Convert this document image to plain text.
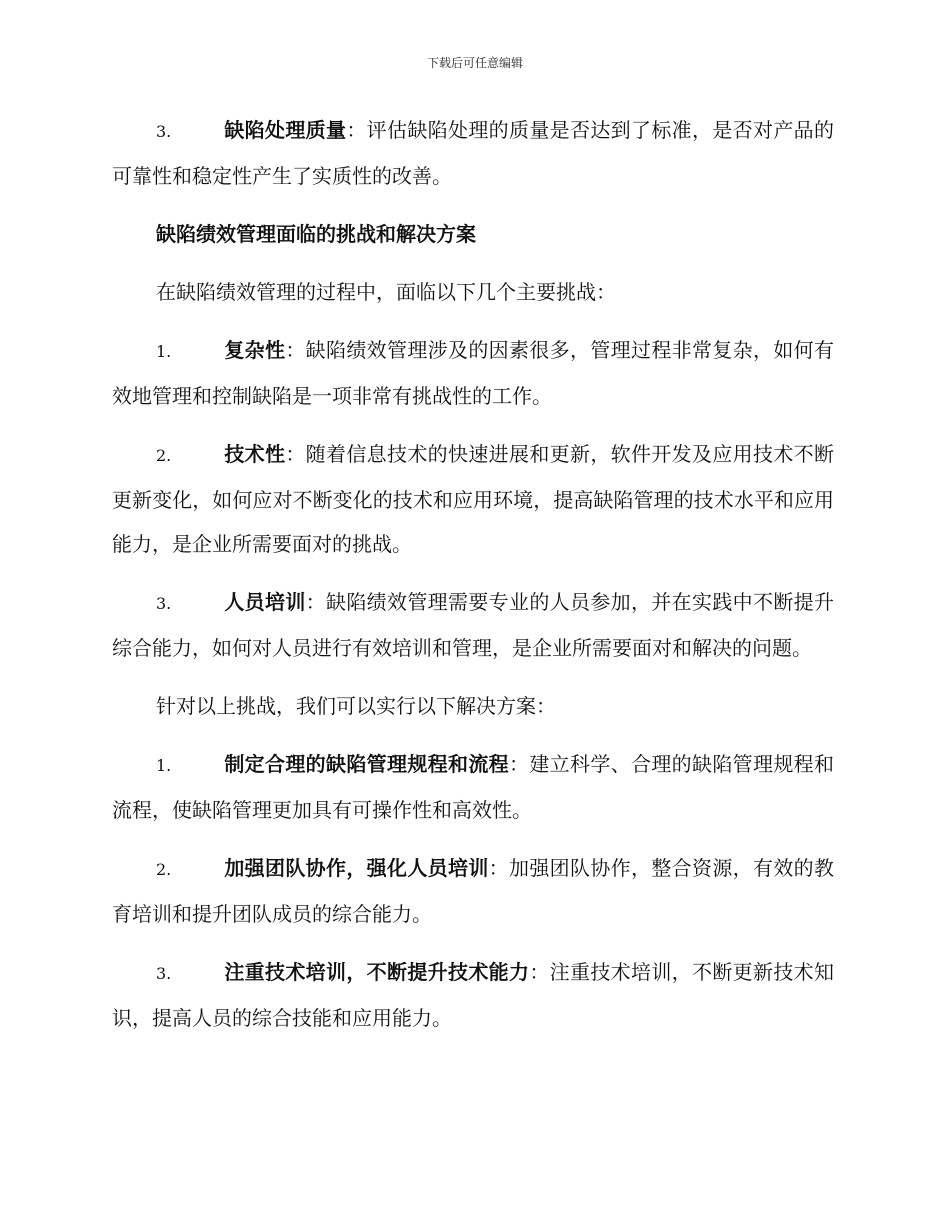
下载后可任意编辑

3.	缺陷处理质量：评估缺陷处理的质量是否达到了标准，是否对产品的可靠性和稳定性产生了实质性的改善。

缺陷绩效管理面临的挑战和解决方案

在缺陷绩效管理的过程中，面临以下几个主要挑战：

1.	复杂性：缺陷绩效管理涉及的因素很多，管理过程非常复杂，如何有效地管理和控制缺陷是一项非常有挑战性的工作。

2.	技术性：随着信息技术的快速进展和更新，软件开发及应用技术不断更新变化，如何应对不断变化的技术和应用环境，提高缺陷管理的技术水平和应用能力，是企业所需要面对的挑战。

3.	人员培训：缺陷绩效管理需要专业的人员参加，并在实践中不断提升综合能力，如何对人员进行有效培训和管理，是企业所需要面对和解决的问题。

针对以上挑战，我们可以实行以下解决方案：

1.	制定合理的缺陷管理规程和流程：建立科学、合理的缺陷管理规程和流程，使缺陷管理更加具有可操作性和高效性。

2.	加强团队协作，强化人员培训：加强团队协作，整合资源，有效的教育培训和提升团队成员的综合能力。

3.	注重技术培训，不断提升技术能力：注重技术培训，不断更新技术知识，提高人员的综合技能和应用能力。
